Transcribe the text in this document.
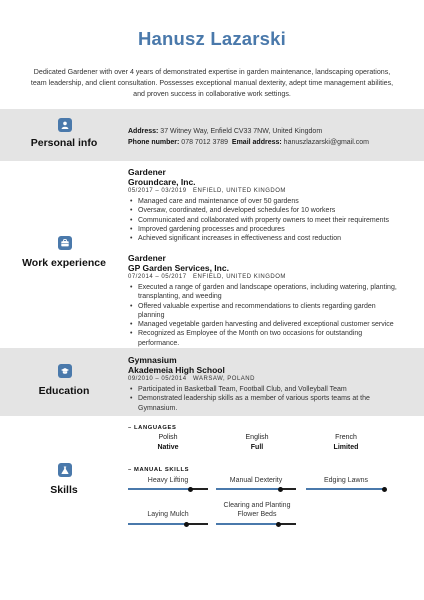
Hanusz Lazarski
Dedicated Gardener with over 4 years of demonstrated expertise in garden maintenance, landscaping operations, team leadership, and client consultation. Possesses exceptional manual dexterity, adept time management abilities, and proven success in collaborative work settings.
Personal info
Address: 37 Witney Way, Enfield CV33 7NW, United Kingdom
Phone number: 078 7012 3789 Email address: hanuszlazarski@gmail.com
Work experience
Gardener
Groundcare, Inc.
05/2017 – 03/2019   ENFIELD, UNITED KINGDOM
• Managed care and maintenance of over 50 gardens
• Oversaw, coordinated, and developed schedules for 10 workers
• Communicated and collaborated with property owners to meet their requirements
• Improved gardening processes and procedures
• Achieved significant increases in effectiveness and cost reduction
Gardener
GP Garden Services, Inc.
07/2014 – 05/2017   ENFIELD, UNITED KINGDOM
• Executed a range of garden and landscape operations, including watering, planting, transplanting, and weeding
• Offered valuable expertise and recommendations to clients regarding garden planning
• Managed vegetable garden harvesting and delivered exceptional customer service
• Recognized as Employee of the Month on two occasions for outstanding performance.
Education
Gymnasium
Akademeia High School
09/2010 – 05/2014   WARSAW, POLAND
• Participated in Basketball Team, Football Club, and Volleyball Team
• Demonstrated leadership skills as a member of various sports teams at the Gymnasium.
Skills
– LANGUAGES
Polish
Native
English
Full
French
Limited
– MANUAL SKILLS
Heavy Lifting	Manual Dexterity	Edging Lawns
Laying Mulch
Clearing and Planting Flower Beds
